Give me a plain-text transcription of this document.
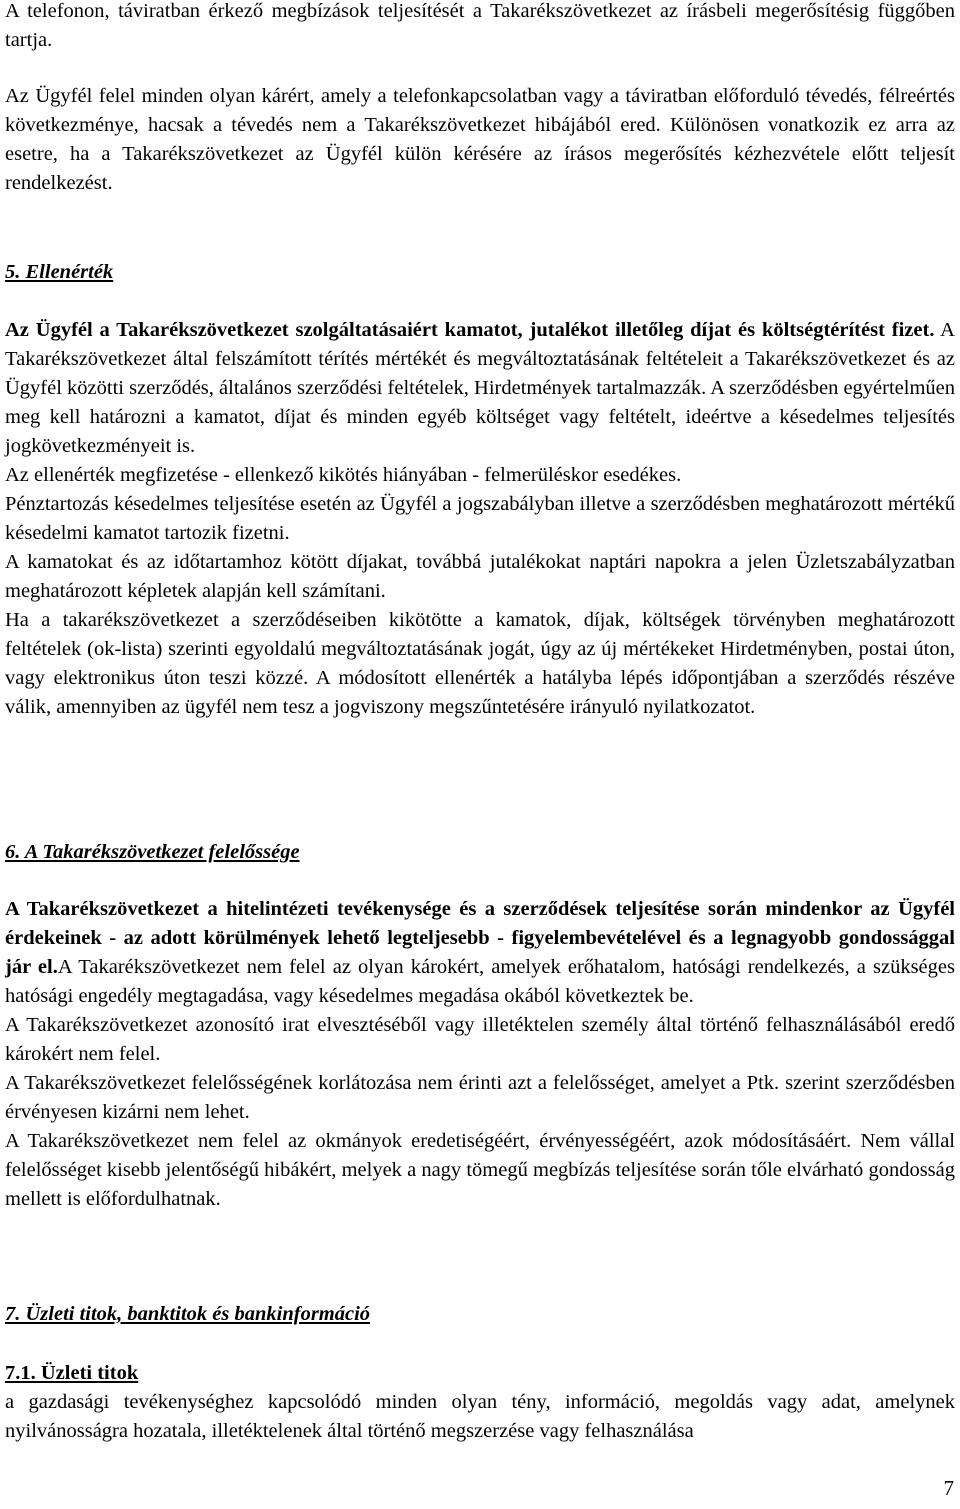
A telefonon, táviratban érkező megbízások teljesítését a Takarékszövetkezet az írásbeli megerősítésig függőben tartja.

Az Ügyfél felel minden olyan kárért, amely a telefonkapcsolatban vagy a táviratban előforduló tévedés, félreértés következménye, hacsak a tévedés nem a Takarékszövetkezet hibájából ered. Különösen vonatkozik ez arra az esetre, ha a Takarékszövetkezet az Ügyfél külön kérésére az írásos megerősítés kézhezvétele előtt teljesít rendelkezést.

5. Ellenérték

Az Ügyfél a Takarékszövetkezet szolgáltatásaiért kamatot, jutalékot illetőleg díjat és költségtérítést fizet. A Takarékszövetkezet által felszámított térítés mértékét és megváltoztatásának feltételeit a Takarékszövetkezet és az Ügyfél közötti szerződés, általános szerződési feltételek, Hirdetmények tartalmazzák. A szerződésben egyértelműen meg kell határozni a kamatot, díjat és minden egyéb költséget vagy feltételt, ideértve a késedelmes teljesítés jogkövetkezményeit is.

Az ellenérték megfizetése - ellenkező kikötés hiányában - felmerüléskor esedékes.

Pénztartozás késedelmes teljesítése esetén az Ügyfél a jogszabályban illetve a szerződésben meghatározott mértékű késedelmi kamatot tartozik fizetni.

A kamatokat és az időtartamhoz kötött díjakat, továbbá jutalékokat naptári napokra a jelen Üzletszabályzatban meghatározott képletek alapján kell számítani.

Ha a takarékszövetkezet a szerződéseiben kikötötte a kamatok, díjak, költségek törvényben meghatározott feltételek (ok-lista) szerinti egyoldalú megváltoztatásának jogát, úgy az új mértékeket Hirdetményben, postai úton, vagy elektronikus úton teszi közzé. A módosított ellenérték a hatályba lépés időpontjában a szerződés részéve válik, amennyiben az ügyfél nem tesz a jogviszony megszűntetésére irányuló nyilatkozatot.

6. A Takarékszövetkezet felelőssége

A Takarékszövetkezet a hitelintézeti tevékenysége és a szerződések teljesítése során mindenkor az Ügyfél érdekeinek - az adott körülmények lehető legteljesebb - figyelembevételével és a legnagyobb gondossággal jár el.A Takarékszövetkezet nem felel az olyan károkért, amelyek erőhatalom, hatósági rendelkezés, a szükséges hatósági engedély megtagadása, vagy késedelmes megadása okából következtek be.

A Takarékszövetkezet azonosító irat elvesztéséből vagy illetéktelen személy által történő felhasználásából eredő károkért nem felel.

A Takarékszövetkezet felelősségének korlátozása nem érinti azt a felelősséget, amelyet a Ptk. szerint szerződésben érvényesen kizárni nem lehet.

A Takarékszövetkezet nem felel az okmányok eredetiségéért, érvényességéért, azok módosításáért. Nem vállal felelősséget kisebb jelentőségű hibákért, melyek a nagy tömegű megbízás teljesítése során tőle elvárható gondosság mellett is előfordulhatnak.

7. Üzleti titok, banktitok és bankinformáció

7.1. Üzleti titok

a gazdasági tevékenységhez kapcsolódó minden olyan tény, információ, megoldás vagy adat, amelynek nyilvánosságra hozatala, illetéktelenek által történő megszerzése vagy felhasználása

7
